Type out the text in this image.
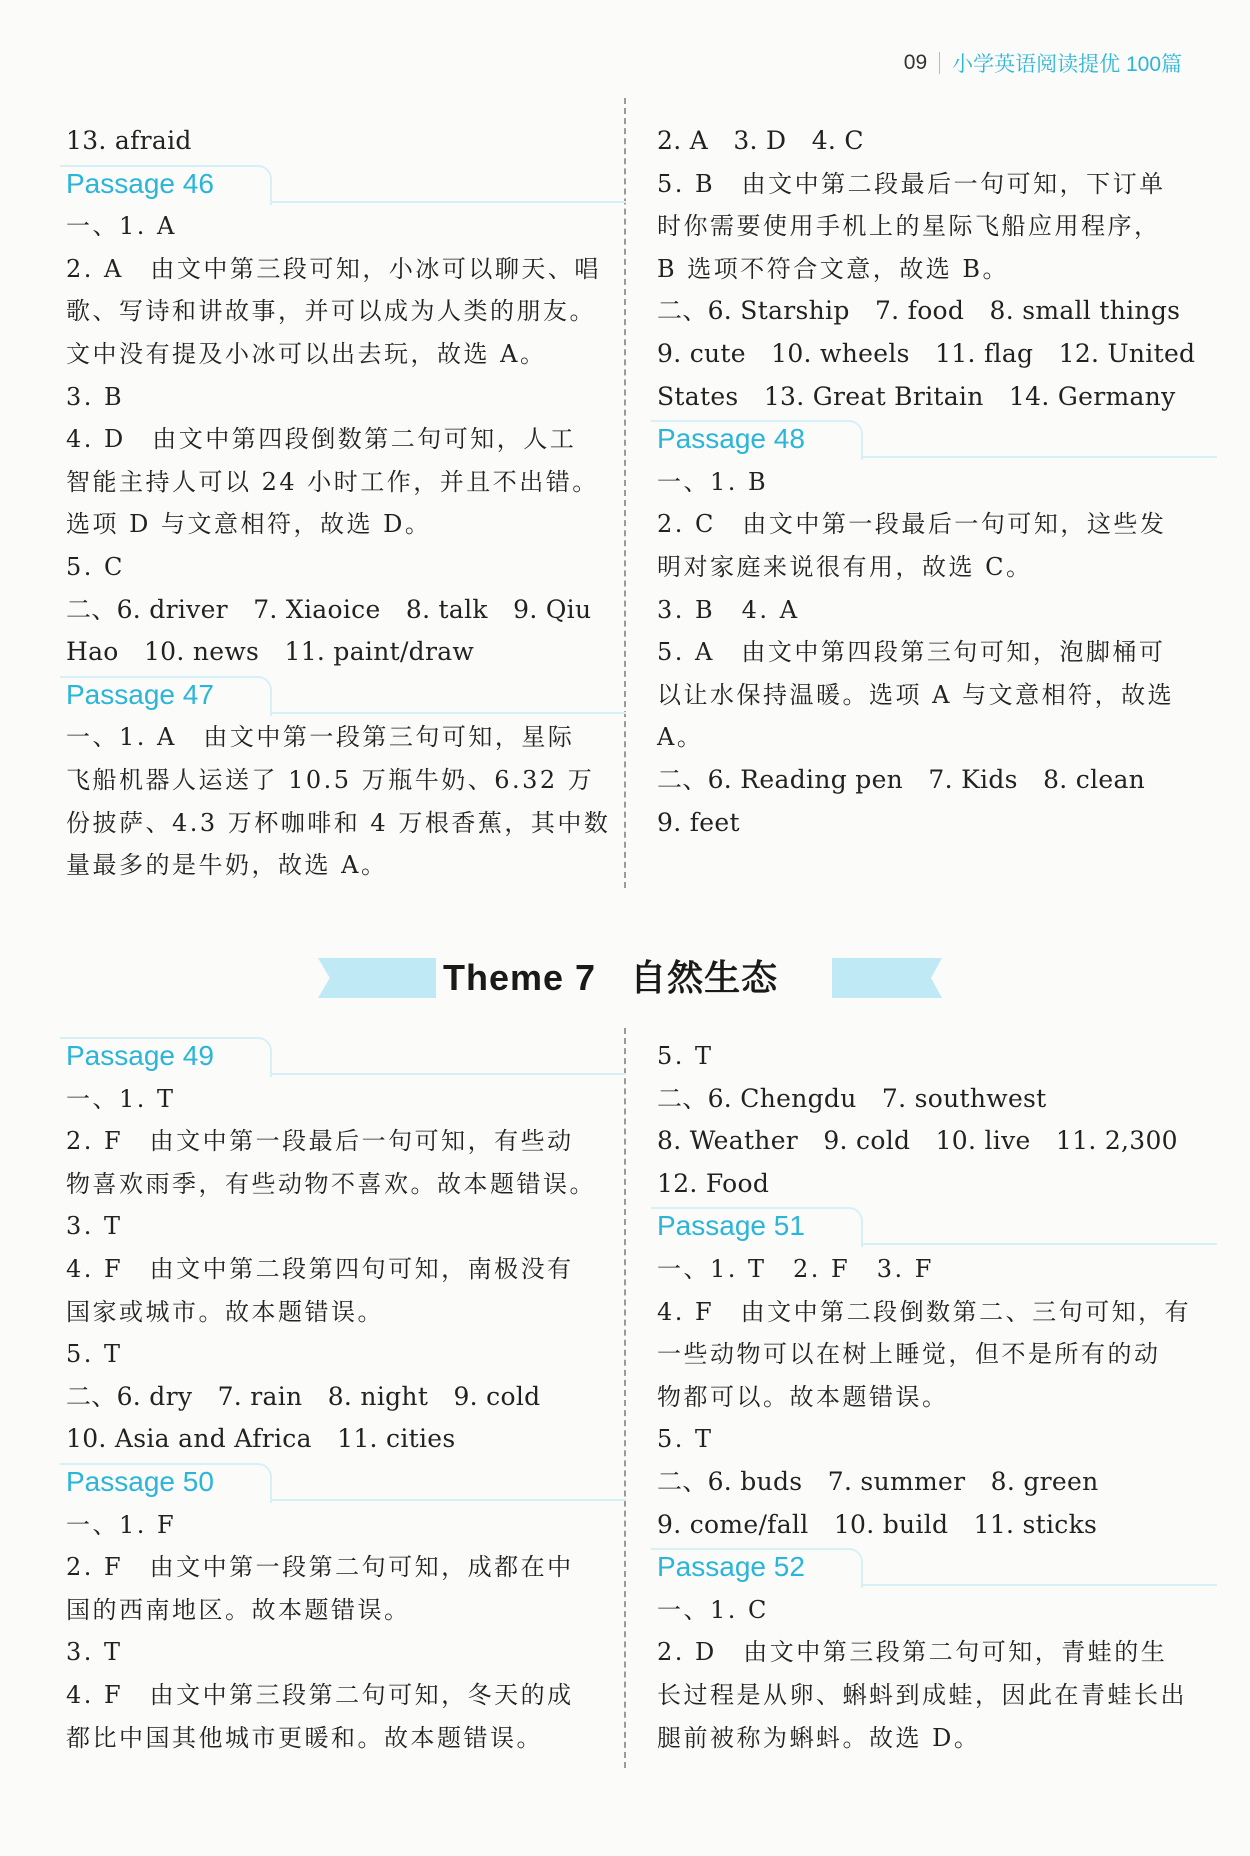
09 小学英语阅读提优 100篇
13. afraid
Passage 46
一、1. A
2. A　由文中第三段可知，小冰可以聊天、唱
歌、写诗和讲故事，并可以成为人类的朋友。
文中没有提及小冰可以出去玩，故选 A。
3. B
4. D　由文中第四段倒数第二句可知，人工
智能主持人可以 24 小时工作，并且不出错。
选项 D 与文意相符，故选 D。
5. C
二、6. driver　7. Xiaoice　8. talk　9. Qiu
Hao　10. news　11. paint/draw
Passage 47
一、1. A　由文中第一段第三句可知，星际
飞船机器人运送了 10.5 万瓶牛奶、6.32 万
份披萨、4.3 万杯咖啡和 4 万根香蕉，其中数
量最多的是牛奶，故选 A。
2. A　3. D　4. C
5. B　由文中第二段最后一句可知，下订单
时你需要使用手机上的星际飞船应用程序，
B 选项不符合文意，故选 B。
二、6. Starship　7. food　8. small things
9. cute　10. wheels　11. flag　12. United
States　13. Great Britain　14. Germany
Passage 48
一、1. B
2. C　由文中第一段最后一句可知，这些发
明对家庭来说很有用，故选 C。
3. B　4. A
5. A　由文中第四段第三句可知，泡脚桶可
以让水保持温暖。选项 A 与文意相符，故选
A。
二、6. Reading pen　7. Kids　8. clean
9. feet
Theme 7 自然生态
Passage 49
一、1. T
2. F　由文中第一段最后一句可知，有些动
物喜欢雨季，有些动物不喜欢。故本题错误。
3. T
4. F　由文中第二段第四句可知，南极没有
国家或城市。故本题错误。
5. T
二、6. dry　7. rain　8. night　9. cold
10. Asia and Africa　11. cities
Passage 50
一、1. F
2. F　由文中第一段第二句可知，成都在中
国的西南地区。故本题错误。
3. T
4. F　由文中第三段第二句可知，冬天的成
都比中国其他城市更暖和。故本题错误。
5. T
二、6. Chengdu　7. southwest
8. Weather　9. cold　10. live　11. 2,300
12. Food
Passage 51
一、1. T　2. F　3. F
4. F　由文中第二段倒数第二、三句可知，有
一些动物可以在树上睡觉，但不是所有的动
物都可以。故本题错误。
5. T
二、6. buds　7. summer　8. green
9. come/fall　10. build　11. sticks
Passage 52
一、1. C
2. D　由文中第三段第二句可知，青蛙的生
长过程是从卵、蝌蚪到成蛙，因此在青蛙长出
腿前被称为蝌蚪。故选 D。
